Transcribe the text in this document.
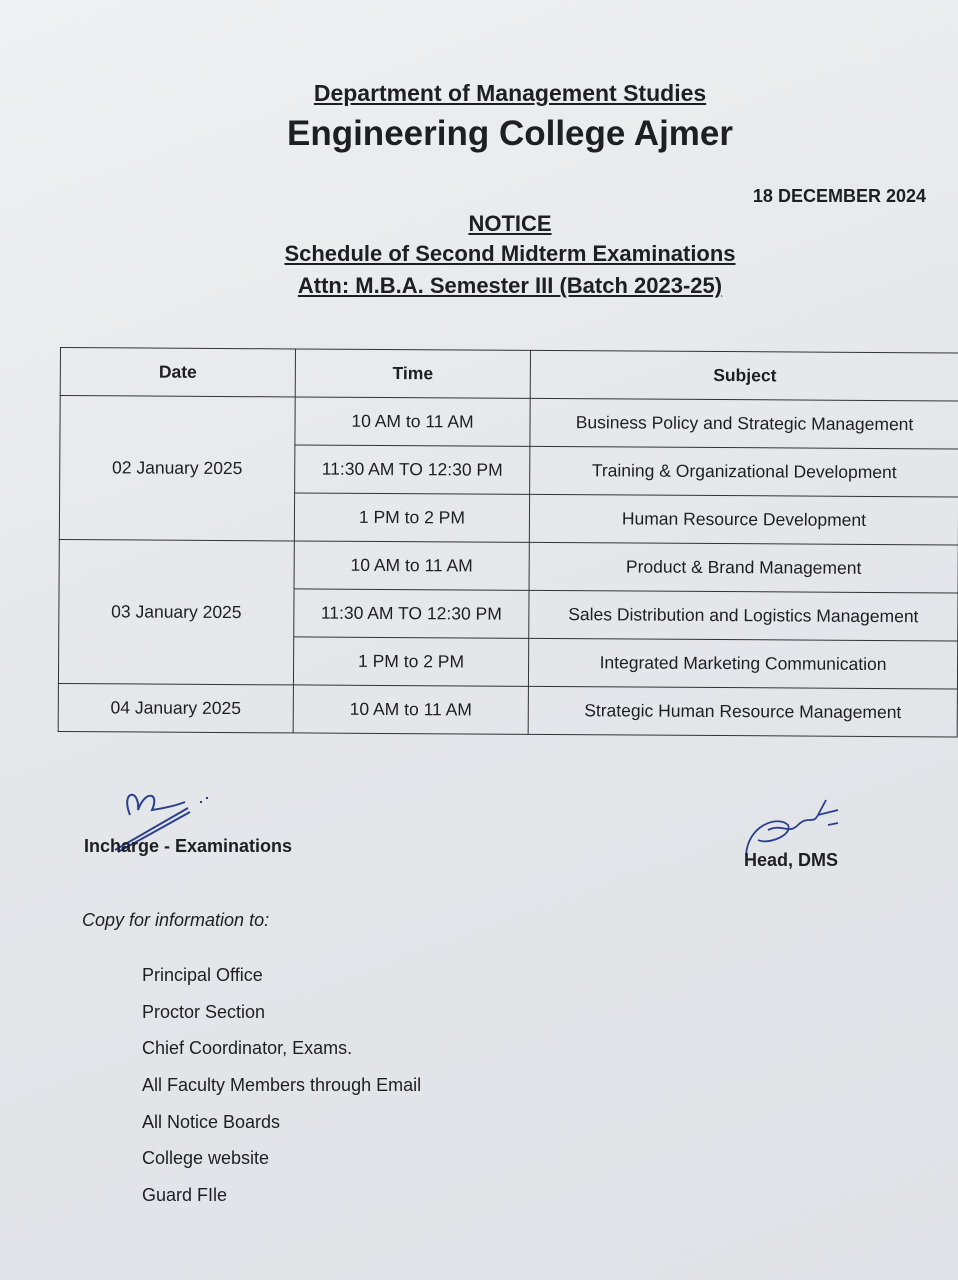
Department of Management Studies
Engineering College Ajmer
18 DECEMBER 2024
NOTICE
Schedule of Second Midterm Examinations
Attn: M.B.A. Semester III (Batch 2023-25)
Date	Time	Subject
02 January 2025	10 AM to 11 AM	Business Policy and Strategic Management
	11:30 AM TO 12:30 PM	Training & Organizational Development
	1 PM to 2 PM	Human Resource Development
03 January 2025	10 AM to 11 AM	Product & Brand Management
	11:30 AM TO 12:30 PM	Sales Distribution and Logistics Management
	1 PM to 2 PM	Integrated Marketing Communication
04 January 2025	10 AM to 11 AM	Strategic Human Resource Management
Incharge - Examinations
Head, DMS
Copy for information to:
Principal Office
Proctor Section
Chief Coordinator, Exams.
All Faculty Members through Email
All Notice Boards
College website
Guard FIle
